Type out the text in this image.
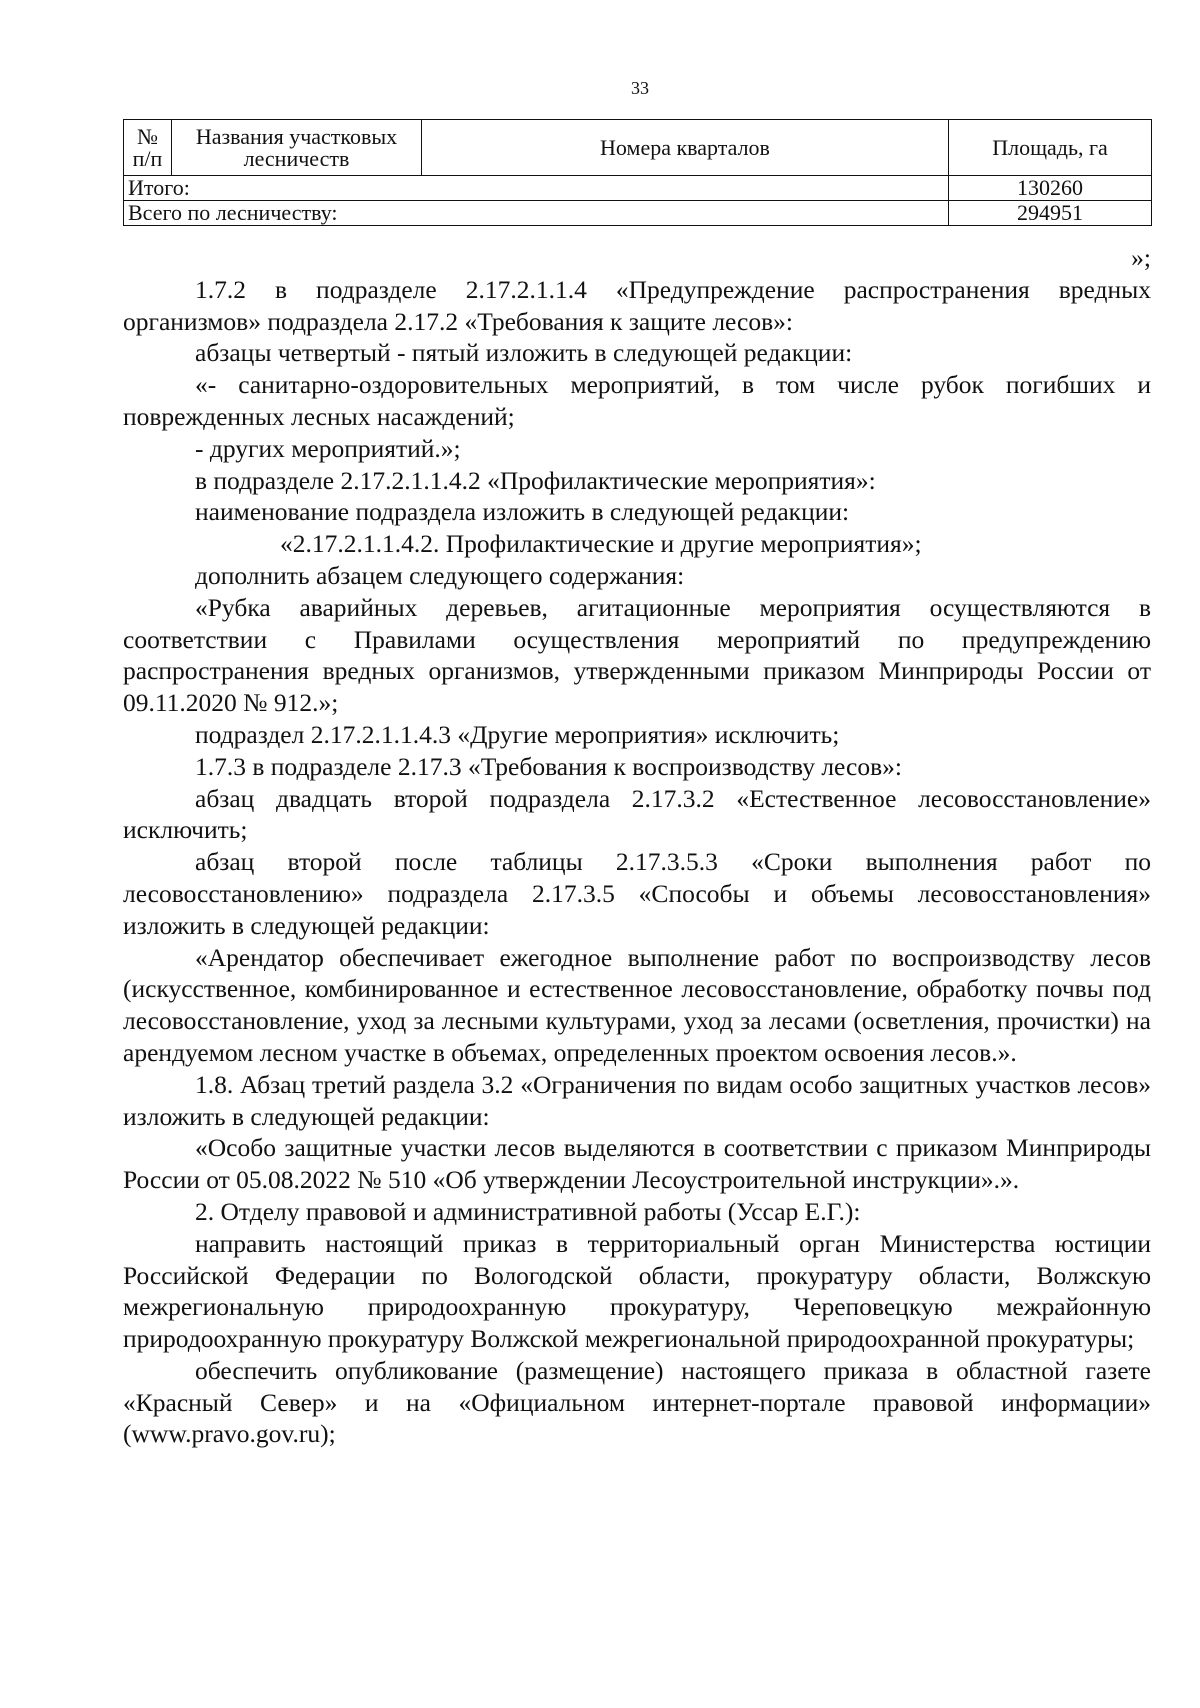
33
№
п/п	Названия участковых лесничеств	Номера кварталов	Площадь, га
Итого:			130260
Всего по лесничеству:			294951

»;

1.7.2 в подразделе 2.17.2.1.1.4 «Предупреждение распространения вредных организмов» подраздела 2.17.2 «Требования к защите лесов»:

абзацы четвертый - пятый изложить в следующей редакции:

«- санитарно-оздоровительных мероприятий, в том числе рубок погибших и поврежденных лесных насаждений;

- других мероприятий.»;

в подразделе 2.17.2.1.1.4.2 «Профилактические мероприятия»:

наименование подраздела изложить в следующей редакции:

«2.17.2.1.1.4.2. Профилактические и другие мероприятия»;

дополнить абзацем следующего содержания:

«Рубка аварийных деревьев, агитационные мероприятия осуществляются в соответствии с Правилами осуществления мероприятий по предупреждению распространения вредных организмов, утвержденными приказом Минприроды России от 09.11.2020 № 912.»;

подраздел 2.17.2.1.1.4.3 «Другие мероприятия» исключить;

1.7.3 в подразделе 2.17.3 «Требования к воспроизводству лесов»:

абзац двадцать второй подраздела 2.17.3.2 «Естественное лесовосстановление» исключить;

абзац второй после таблицы 2.17.3.5.3 «Сроки выполнения работ по лесовосстановлению» подраздела 2.17.3.5 «Способы и объемы лесовосстановления» изложить в следующей редакции:

«Арендатор обеспечивает ежегодное выполнение работ по воспроизводству лесов (искусственное, комбинированное и естественное лесовосстановление, обработку почвы под лесовосстановление, уход за лесными культурами, уход за лесами (осветления, прочистки) на арендуемом лесном участке в объемах, определенных проектом освоения лесов.».

1.8. Абзац третий раздела 3.2 «Ограничения по видам особо защитных участков лесов» изложить в следующей редакции:

«Особо защитные участки лесов выделяются в соответствии с приказом Минприроды России от 05.08.2022 № 510 «Об утверждении Лесоустроительной инструкции».».

2. Отделу правовой и административной работы (Уссар Е.Г.):

направить настоящий приказ в территориальный орган Министерства юстиции Российской Федерации по Вологодской области, прокуратуру области, Волжскую межрегиональную природоохранную прокуратуру, Череповецкую межрайонную природоохранную прокуратуру Волжской межрегиональной природоохранной прокуратуры;

обеспечить опубликование (размещение) настоящего приказа в областной газете «Красный Север» и на «Официальном интернет-портале правовой информации» (www.pravo.gov.ru);
